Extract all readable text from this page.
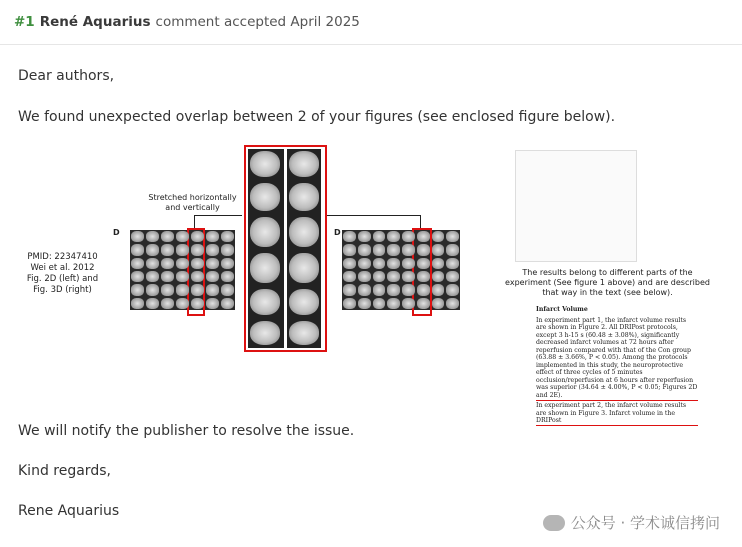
#1 René Aquarius comment accepted April 2025
Dear authors,
We found unexpected overlap between 2 of your figures (see enclosed figure below).
D	D
Stretched horizontally and vertically
PMID: 22347410
Wei et al. 2012
Fig. 2D (left) and
Fig. 3D (right)
The results belong to different parts of the experiment (See figure 1 above) and are described that way in the text (see below).
Infarct Volume
In experiment part 1, the infarct volume results are shown in Figure 2. All DRIPost protocols, except 3 h-15 s (60.48 ± 3.08%), significantly decreased infarct volumes at 72 hours after reperfusion compared with that of the Con group (63.88 ± 3.66%, P < 0.05). Among the protocols implemented in this study, the neuroprotective effect of three cycles of 5 minutes occlusion/reperfusion at 6 hours after reperfusion was superior (34.64 ± 4.00%, P < 0.05; Figures 2D and 2E).
In experiment part 2, the infarct volume results are shown in Figure 3. Infarct volume in the DRIPost
We will notify the publisher to resolve the issue.
Kind regards,
Rene Aquarius
公众号 · 学术诚信拷问
